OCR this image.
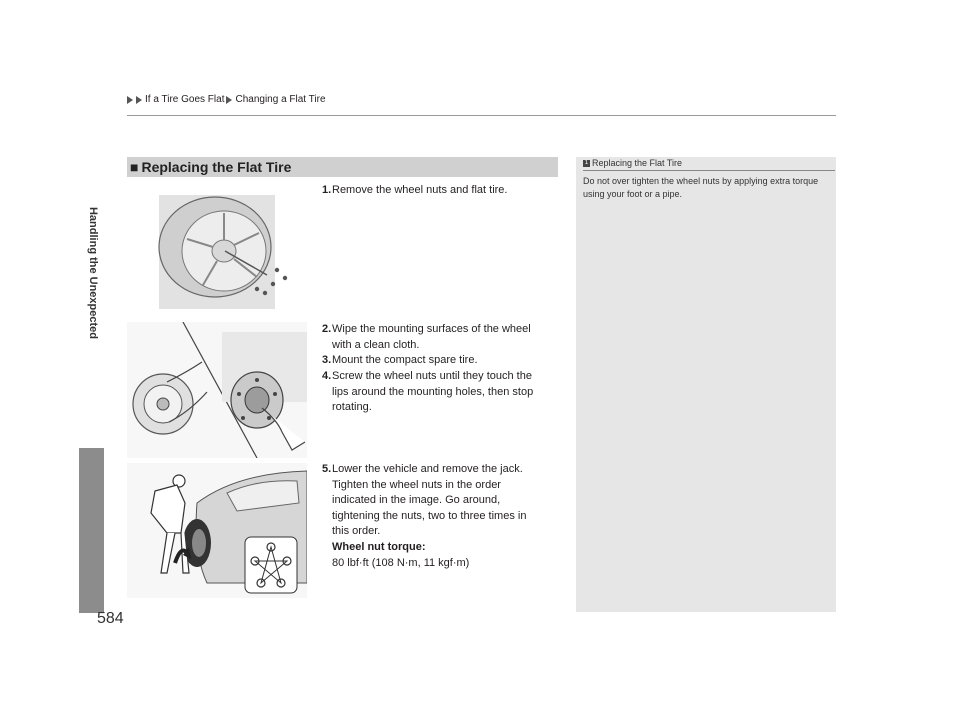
If a Tire Goes Flat Changing a Flat Tire
Handling the Unexpected
584
■ Replacing the Flat Tire
1. Remove the wheel nuts and flat tire.
2. Wipe the mounting surfaces of the wheel
with a clean cloth.
3. Mount the compact spare tire.
4. Screw the wheel nuts until they touch the
lips around the mounting holes, then stop
rotating.
5. Lower the vehicle and remove the jack.
Tighten the wheel nuts in the order
indicated in the image. Go around,
tightening the nuts, two to three times in
this order.
Wheel nut torque:
80 lbf·ft (108 N·m, 11 kgf·m)
1 Replacing the Flat Tire
Do not over tighten the wheel nuts by applying extra torque using your foot or a pipe.
